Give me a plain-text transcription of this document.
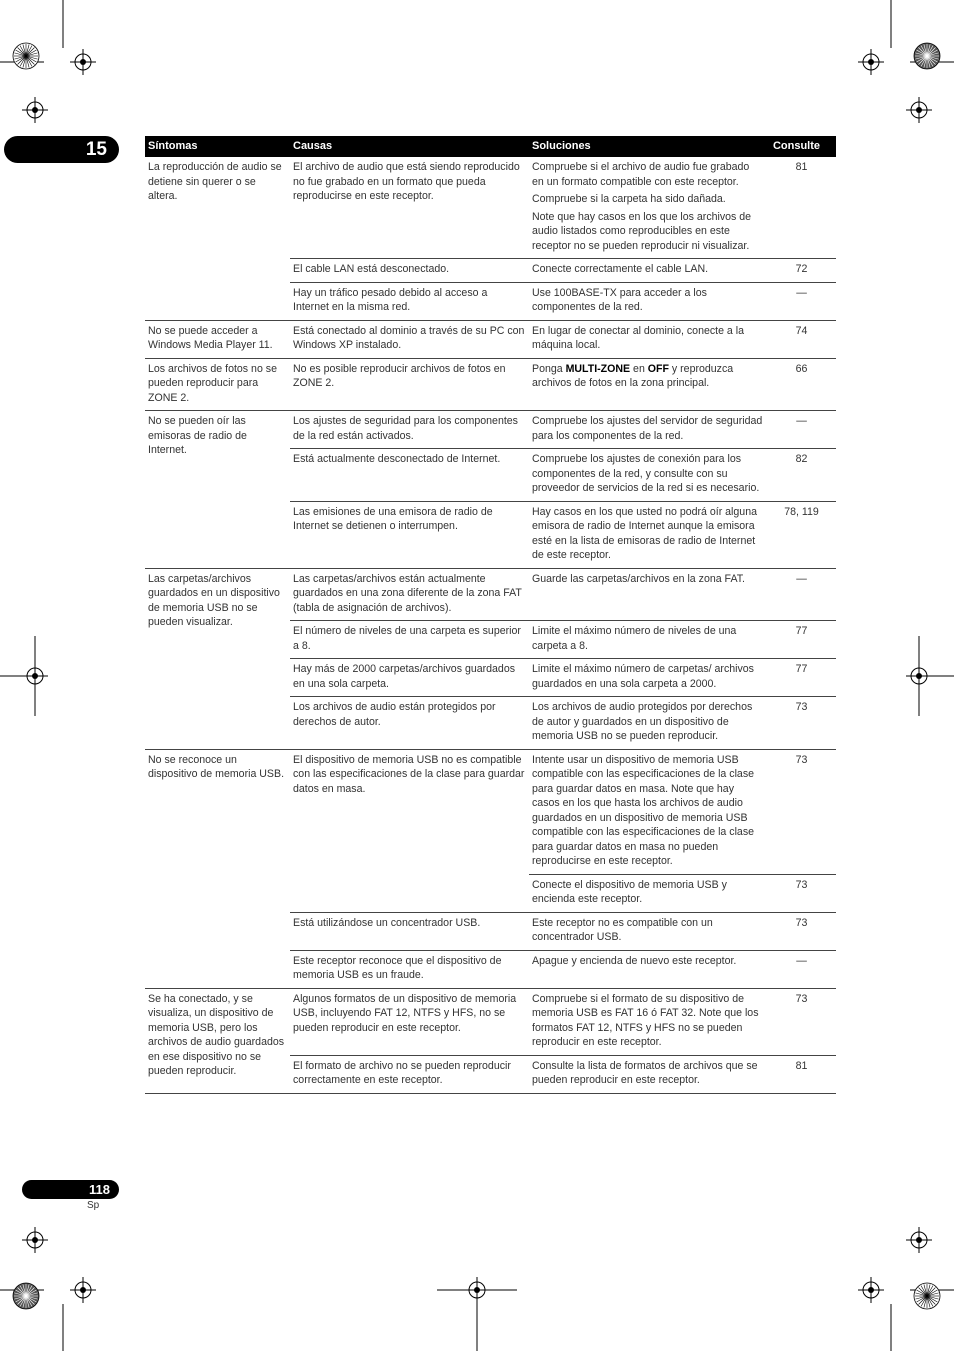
15
118
Sp
Síntomas	Causas	Soluciones	Consulte
La reproducción de audio se detiene sin querer o se altera.	El archivo de audio que está siendo reproducido no fue grabado en un formato que pueda reproducirse en este receptor.	Compruebe si el archivo de audio fue grabado en un formato compatible con este receptor.	81
		Compruebe si la carpeta ha sido dañada.	
		Note que hay casos en los que los archivos de audio listados como reproducibles en este receptor no se pueden reproducir ni visualizar.	
	El cable LAN está desconectado.	Conecte correctamente el cable LAN.	72
	Hay un tráfico pesado debido al acceso a Internet en la misma red.	Use 100BASE-TX para acceder a los componentes de la red.	—
No se puede acceder a Windows Media Player 11.	Está conectado al dominio a través de su PC con Windows XP instalado.	En lugar de conectar al dominio, conecte a la máquina local.	74
Los archivos de fotos no se pueden reproducir para ZONE 2.	No es posible reproducir archivos de fotos en ZONE 2.	Ponga MULTI-ZONE en OFF y reproduzca archivos de fotos en la zona principal.	66
No se pueden oír las emisoras de radio de Internet.	Los ajustes de seguridad para los componentes de la red están activados.	Compruebe los ajustes del servidor de seguridad para los componentes de la red.	—
	Está actualmente desconectado de Internet.	Compruebe los ajustes de conexión para los componentes de la red, y consulte con su proveedor de servicios de la red si es necesario.	82
	Las emisiones de una emisora de radio de Internet se detienen o interrumpen.	Hay casos en los que usted no podrá oír alguna emisora de radio de Internet aunque la emisora esté en la lista de emisoras de radio de Internet de este receptor.	78, 119
Las carpetas/archivos guardados en un dispositivo de memoria USB no se pueden visualizar.	Las carpetas/archivos están actualmente guardados en una zona diferente de la zona FAT (tabla de asignación de archivos).	Guarde las carpetas/archivos en la zona FAT.	—
	El número de niveles de una carpeta es superior a 8.	Limite el máximo número de niveles de una carpeta a 8.	77
	Hay más de 2000 carpetas/archivos guardados en una sola carpeta.	Limite el máximo número de carpetas/ archivos guardados en una sola carpeta a 2000.	77
	Los archivos de audio están protegidos por derechos de autor.	Los archivos de audio protegidos por derechos de autor y guardados en un dispositivo de memoria USB no se pueden reproducir.	73
No se reconoce un dispositivo de memoria USB.	El dispositivo de memoria USB no es compatible con las especificaciones de la clase para guardar datos en masa.	Intente usar un dispositivo de memoria USB compatible con las especificaciones de la clase para guardar datos en masa. Note que hay casos en los que hasta los archivos de audio guardados en un dispositivo de memoria USB compatible con las especificaciones de la clase para guardar datos en masa no pueden reproducirse en este receptor.	73
		Conecte el dispositivo de memoria USB y encienda este receptor.	73
	Está utilizándose un concentrador USB.	Este receptor no es compatible con un concentrador USB.	73
	Este receptor reconoce que el dispositivo de memoria USB es un fraude.	Apague y encienda de nuevo este receptor.	—
Se ha conectado, y se visualiza, un dispositivo de memoria USB, pero los archivos de audio guardados en ese dispositivo no se pueden reproducir.	Algunos formatos de un dispositivo de memoria USB, incluyendo FAT 12, NTFS y HFS, no se pueden reproducir en este receptor.	Compruebe si el formato de su dispositivo de memoria USB es FAT 16 ó FAT 32. Note que los formatos FAT 12, NTFS y HFS no se pueden reproducir en este receptor.	73
	El formato de archivo no se pueden reproducir correctamente en este receptor.	Consulte la lista de formatos de archivos que se pueden reproducir en este receptor.	81
